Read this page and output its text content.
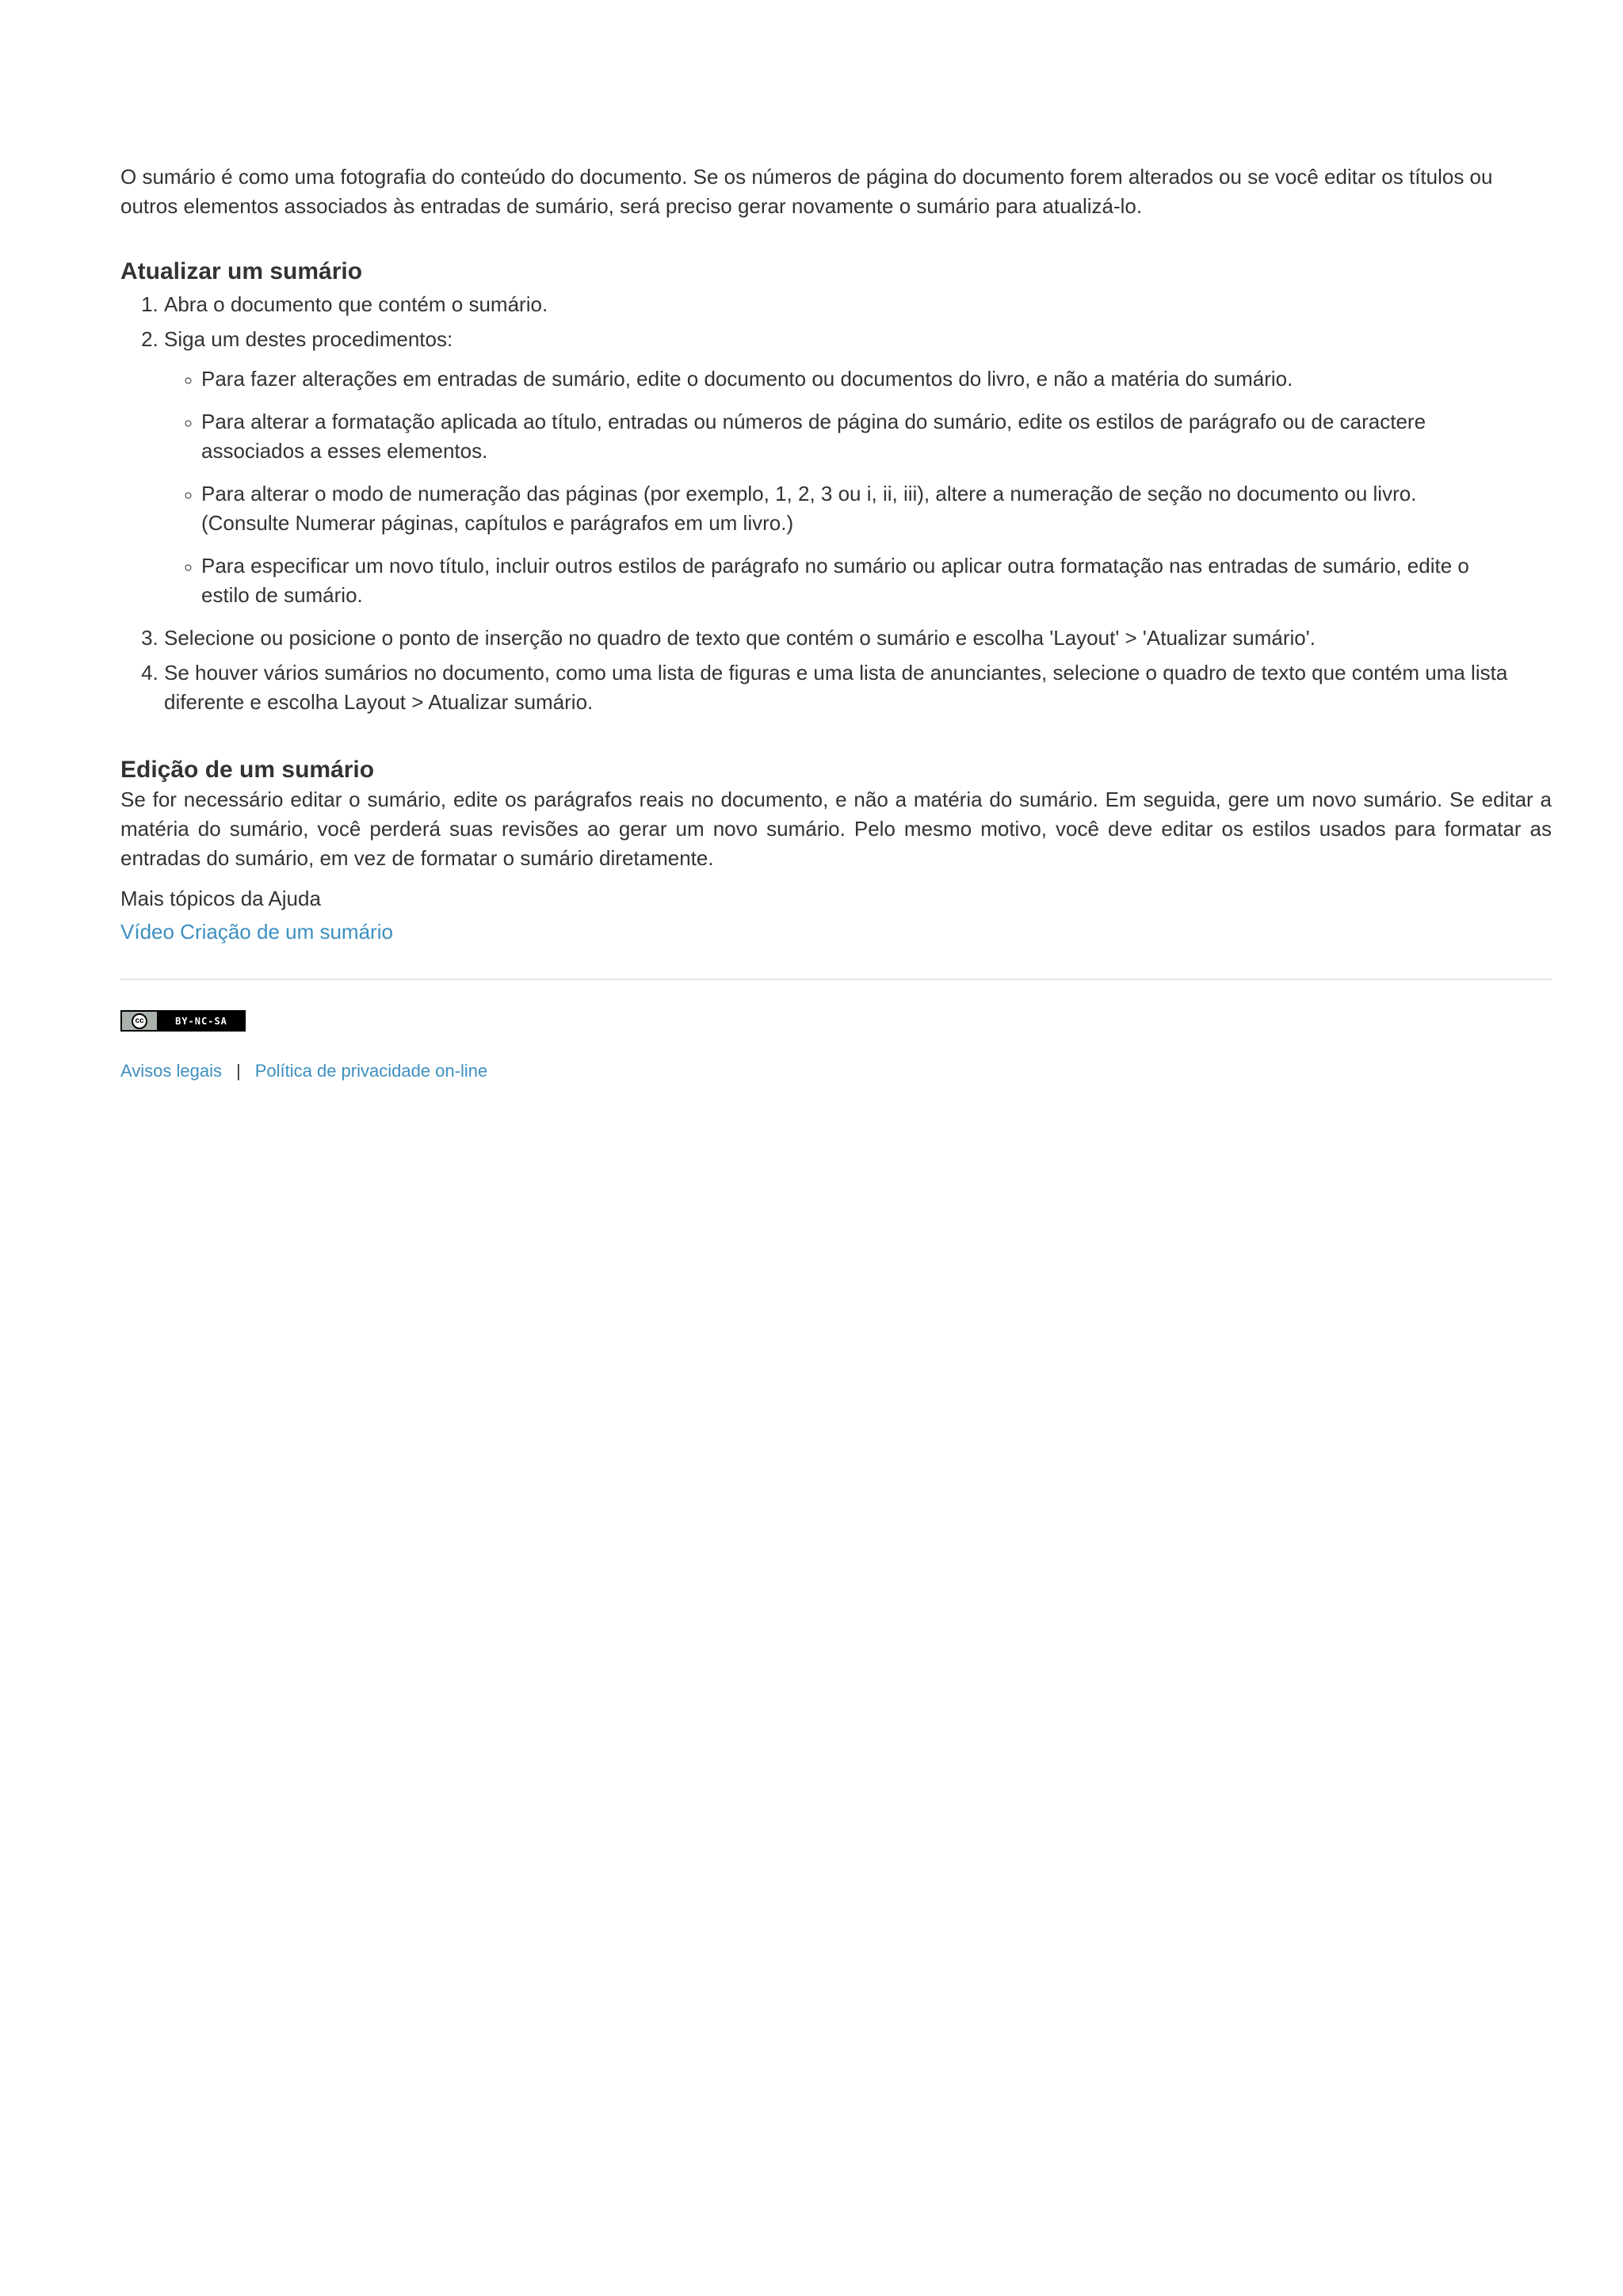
O sumário é como uma fotografia do conteúdo do documento. Se os números de página do documento forem alterados ou se você editar os títulos ou outros elementos associados às entradas de sumário, será preciso gerar novamente o sumário para atualizá-lo.

Atualizar um sumário
1. Abra o documento que contém o sumário.
2. Siga um destes procedimentos:
◦ Para fazer alterações em entradas de sumário, edite o documento ou documentos do livro, e não a matéria do sumário.
◦ Para alterar a formatação aplicada ao título, entradas ou números de página do sumário, edite os estilos de parágrafo ou de caractere associados a esses elementos.
◦ Para alterar o modo de numeração das páginas (por exemplo, 1, 2, 3 ou i, ii, iii), altere a numeração de seção no documento ou livro. (Consulte Numerar páginas, capítulos e parágrafos em um livro.)
◦ Para especificar um novo título, incluir outros estilos de parágrafo no sumário ou aplicar outra formatação nas entradas de sumário, edite o estilo de sumário.
3. Selecione ou posicione o ponto de inserção no quadro de texto que contém o sumário e escolha 'Layout' > 'Atualizar sumário'.
4. Se houver vários sumários no documento, como uma lista de figuras e uma lista de anunciantes, selecione o quadro de texto que contém uma lista diferente e escolha Layout > Atualizar sumário.
Edição de um sumário

Se for necessário editar o sumário, edite os parágrafos reais no documento, e não a matéria do sumário. Em seguida, gere um novo sumário. Se editar a matéria do sumário, você perderá suas revisões ao gerar um novo sumário. Pelo mesmo motivo, você deve editar os estilos usados para formatar as entradas do sumário, em vez de formatar o sumário diretamente.

Mais tópicos da Ajuda

Vídeo Criação de um sumário
cc	BY-NC-SA
Avisos legais | Política de privacidade on-line
